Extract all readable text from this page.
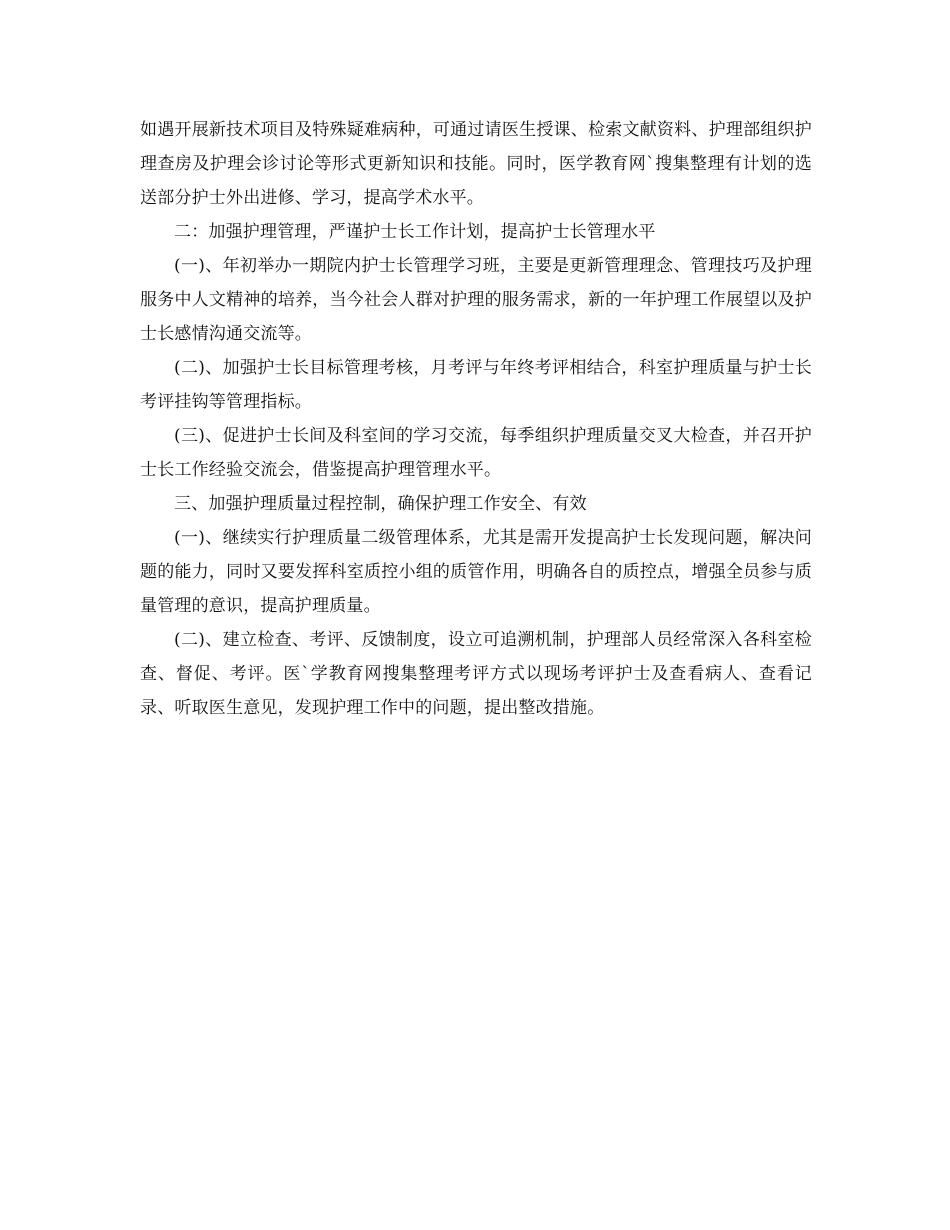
如遇开展新技术项目及特殊疑难病种，可通过请医生授课、检索文献资料、护理部组织护理查房及护理会诊讨论等形式更新知识和技能。同时，医学教育网`搜集整理有计划的选送部分护士外出进修、学习，提高学术水平。

二：加强护理管理，严谨护士长工作计划，提高护士长管理水平

(一)、年初举办一期院内护士长管理学习班，主要是更新管理理念、管理技巧及护理服务中人文精神的培养，当今社会人群对护理的服务需求，新的一年护理工作展望以及护士长感情沟通交流等。

(二)、加强护士长目标管理考核，月考评与年终考评相结合，科室护理质量与护士长考评挂钩等管理指标。

(三)、促进护士长间及科室间的学习交流，每季组织护理质量交叉大检查，并召开护士长工作经验交流会，借鉴提高护理管理水平。

三、加强护理质量过程控制，确保护理工作安全、有效

(一)、继续实行护理质量二级管理体系，尤其是需开发提高护士长发现问题，解决问题的能力，同时又要发挥科室质控小组的质管作用，明确各自的质控点，增强全员参与质量管理的意识，提高护理质量。

(二)、建立检查、考评、反馈制度，设立可追溯机制，护理部人员经常深入各科室检查、督促、考评。医`学教育网搜集整理考评方式以现场考评护士及查看病人、查看记录、听取医生意见，发现护理工作中的问题，提出整改措施。
